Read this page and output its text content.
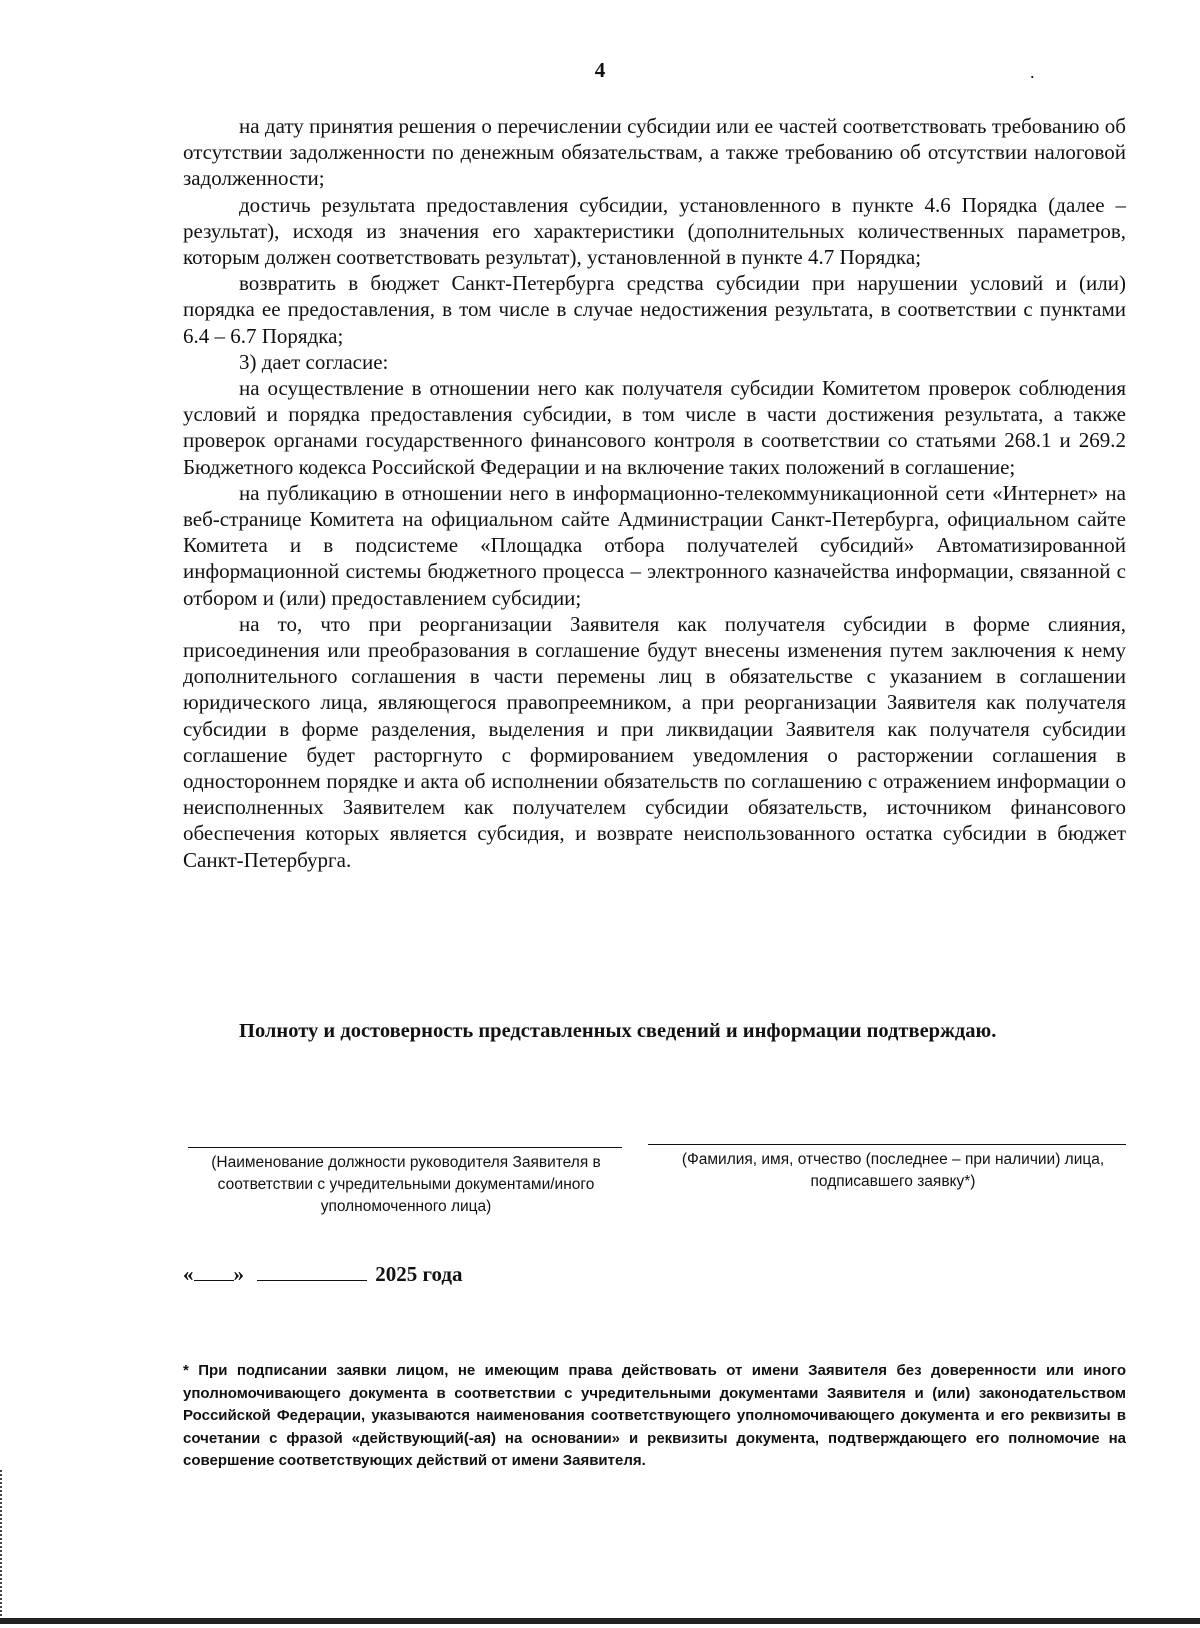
4	.

на дату принятия решения о перечислении субсидии или ее частей соответствовать требованию об отсутствии задолженности по денежным обязательствам, а также требованию об отсутствии налоговой задолженности;

достичь результата предоставления субсидии, установленного в пункте 4.6 Порядка (далее – результат), исходя из значения его характеристики (дополнительных количественных параметров, которым должен соответствовать результат), установленной в пункте 4.7 Порядка;

возвратить в бюджет Санкт-Петербурга средства субсидии при нарушении условий и (или) порядка ее предоставления, в том числе в случае недостижения результата, в соответствии с пунктами 6.4 – 6.7 Порядка;

3) дает согласие:

на осуществление в отношении него как получателя субсидии Комитетом проверок соблюдения условий и порядка предоставления субсидии, в том числе в части достижения результата, а также проверок органами государственного финансового контроля в соответствии со статьями 268.1 и 269.2 Бюджетного кодекса Российской Федерации и на включение таких положений в соглашение;

на публикацию в отношении него в информационно-телекоммуникационной сети «Интернет» на веб-странице Комитета на официальном сайте Администрации Санкт-Петербурга, официальном сайте Комитета и в подсистеме «Площадка отбора получателей субсидий» Автоматизированной информационной системы бюджетного процесса – электронного казначейства информации, связанной с отбором и (или) предоставлением субсидии;

на то, что при реорганизации Заявителя как получателя субсидии в форме слияния, присоединения или преобразования в соглашение будут внесены изменения путем заключения к нему дополнительного соглашения в части перемены лиц в обязательстве с указанием в соглашении юридического лица, являющегося правопреемником, а при реорганизации Заявителя как получателя субсидии в форме разделения, выделения и при ликвидации Заявителя как получателя субсидии соглашение будет расторгнуто с формированием уведомления о расторжении соглашения в одностороннем порядке и акта об исполнении обязательств по соглашению с отражением информации о неисполненных Заявителем как получателем субсидии обязательств, источником финансового обеспечения которых является субсидия, и возврате неиспользованного остатка субсидии в бюджет Санкт-Петербурга.

Полноту и достоверность представленных сведений и информации подтверждаю.
(Наименование должности руководителя Заявителя в соответствии с учредительными документами/иного уполномоченного лица)
(Фамилия, имя, отчество (последнее – при наличии) лица, подписавшего заявку*)
« »	2025 года
* При подписании заявки лицом, не имеющим права действовать от имени Заявителя без доверенности или иного уполномочивающего документа в соответствии с учредительными документами Заявителя и (или) законодательством Российской Федерации, указываются наименования соответствующего уполномочивающего документа и его реквизиты в сочетании с фразой «действующий(-ая) на основании» и реквизиты документа, подтверждающего его полномочие на совершение соответствующих действий от имени Заявителя.
